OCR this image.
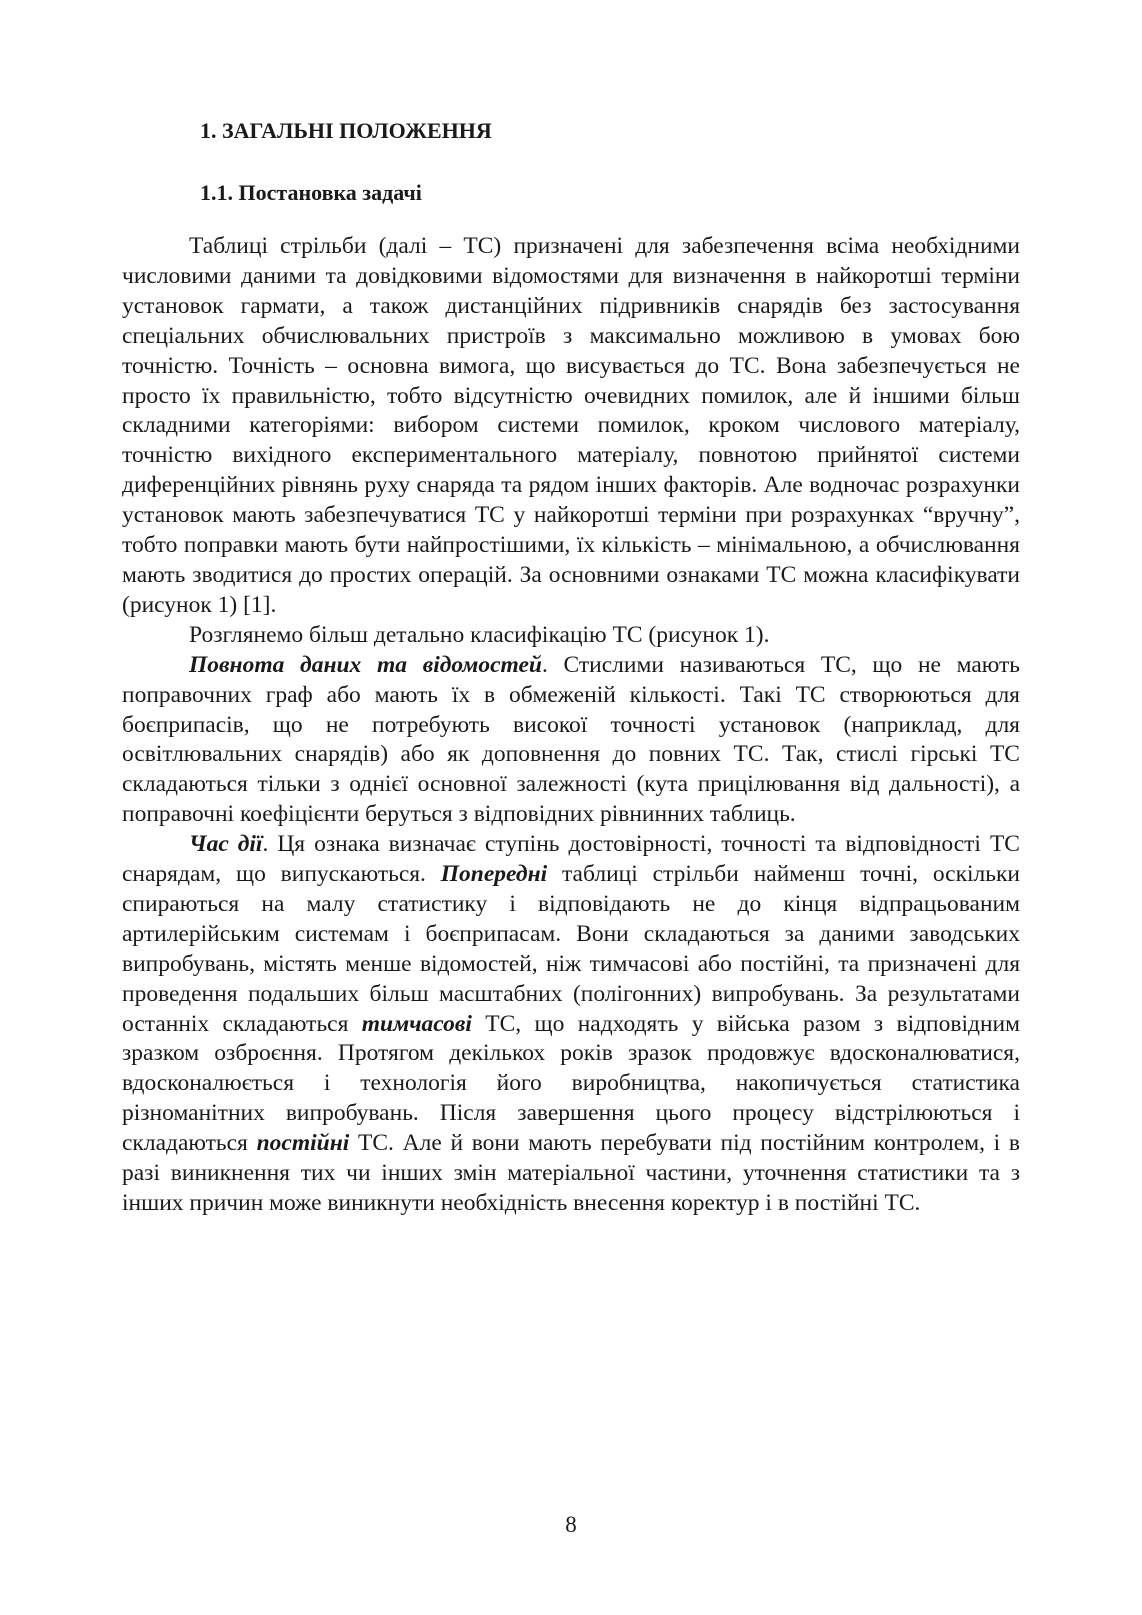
1. ЗАГАЛЬНІ ПОЛОЖЕННЯ
1.1. Постановка задачі

Таблиці стрільби (далі – ТС) призначені для забезпечення всіма необхідними числовими даними та довідковими відомостями для визначення в найкоротші терміни установок гармати, а також дистанційних підривників снарядів без застосування спеціальних обчислювальних пристроїв з максимально можливою в умовах бою точністю. Точність – основна вимога, що висувається до ТС. Вона забезпечується не просто їх правильністю, тобто відсутністю очевидних помилок, але й іншими більш складними категоріями: вибором системи помилок, кроком числового матеріалу, точністю вихідного експериментального матеріалу, повнотою прийнятої системи диференційних рівнянь руху снаряда та рядом інших факторів. Але водночас розрахунки установок мають забезпечуватися ТС у найкоротші терміни при розрахунках “вручну”, тобто поправки мають бути найпростішими, їх кількість – мінімальною, а обчислювання мають зводитися до простих операцій. За основними ознаками ТС можна класифікувати (рисунок 1) [1].

Розглянемо більш детально класифікацію ТС (рисунок 1).

Повнота даних та відомостей. Стислими називаються ТС, що не мають поправочних граф або мають їх в обмеженій кількості. Такі ТС створюються для боєприпасів, що не потребують високої точності установок (наприклад, для освітлювальних снарядів) або як доповнення до повних ТС. Так, стислі гірські ТС складаються тільки з однієї основної залежності (кута прицілювання від дальності), а поправочні коефіцієнти беруться з відповідних рівнинних таблиць.

Час дії. Ця ознака визначає ступінь достовірності, точності та відповідності ТС снарядам, що випускаються. Попередні таблиці стрільби найменш точні, оскільки спираються на малу статистику і відповідають не до кінця відпрацьованим артилерійським системам і боєприпасам. Вони складаються за даними заводських випробувань, містять менше відомостей, ніж тимчасові або постійні, та призначені для проведення подальших більш масштабних (полігонних) випробувань. За результатами останніх складаються тимчасові ТС, що надходять у війська разом з відповідним зразком озброєння. Протягом декількох років зразок продовжує вдосконалюватися, вдосконалюється і технологія його виробництва, накопичується статистика різноманітних випробувань. Після завершення цього процесу відстрілюються і складаються постійні ТС. Але й вони мають перебувати під постійним контролем, і в разі виникнення тих чи інших змін матеріальної частини, уточнення статистики та з інших причин може виникнути необхідність внесення коректур і в постійні ТС.

8
